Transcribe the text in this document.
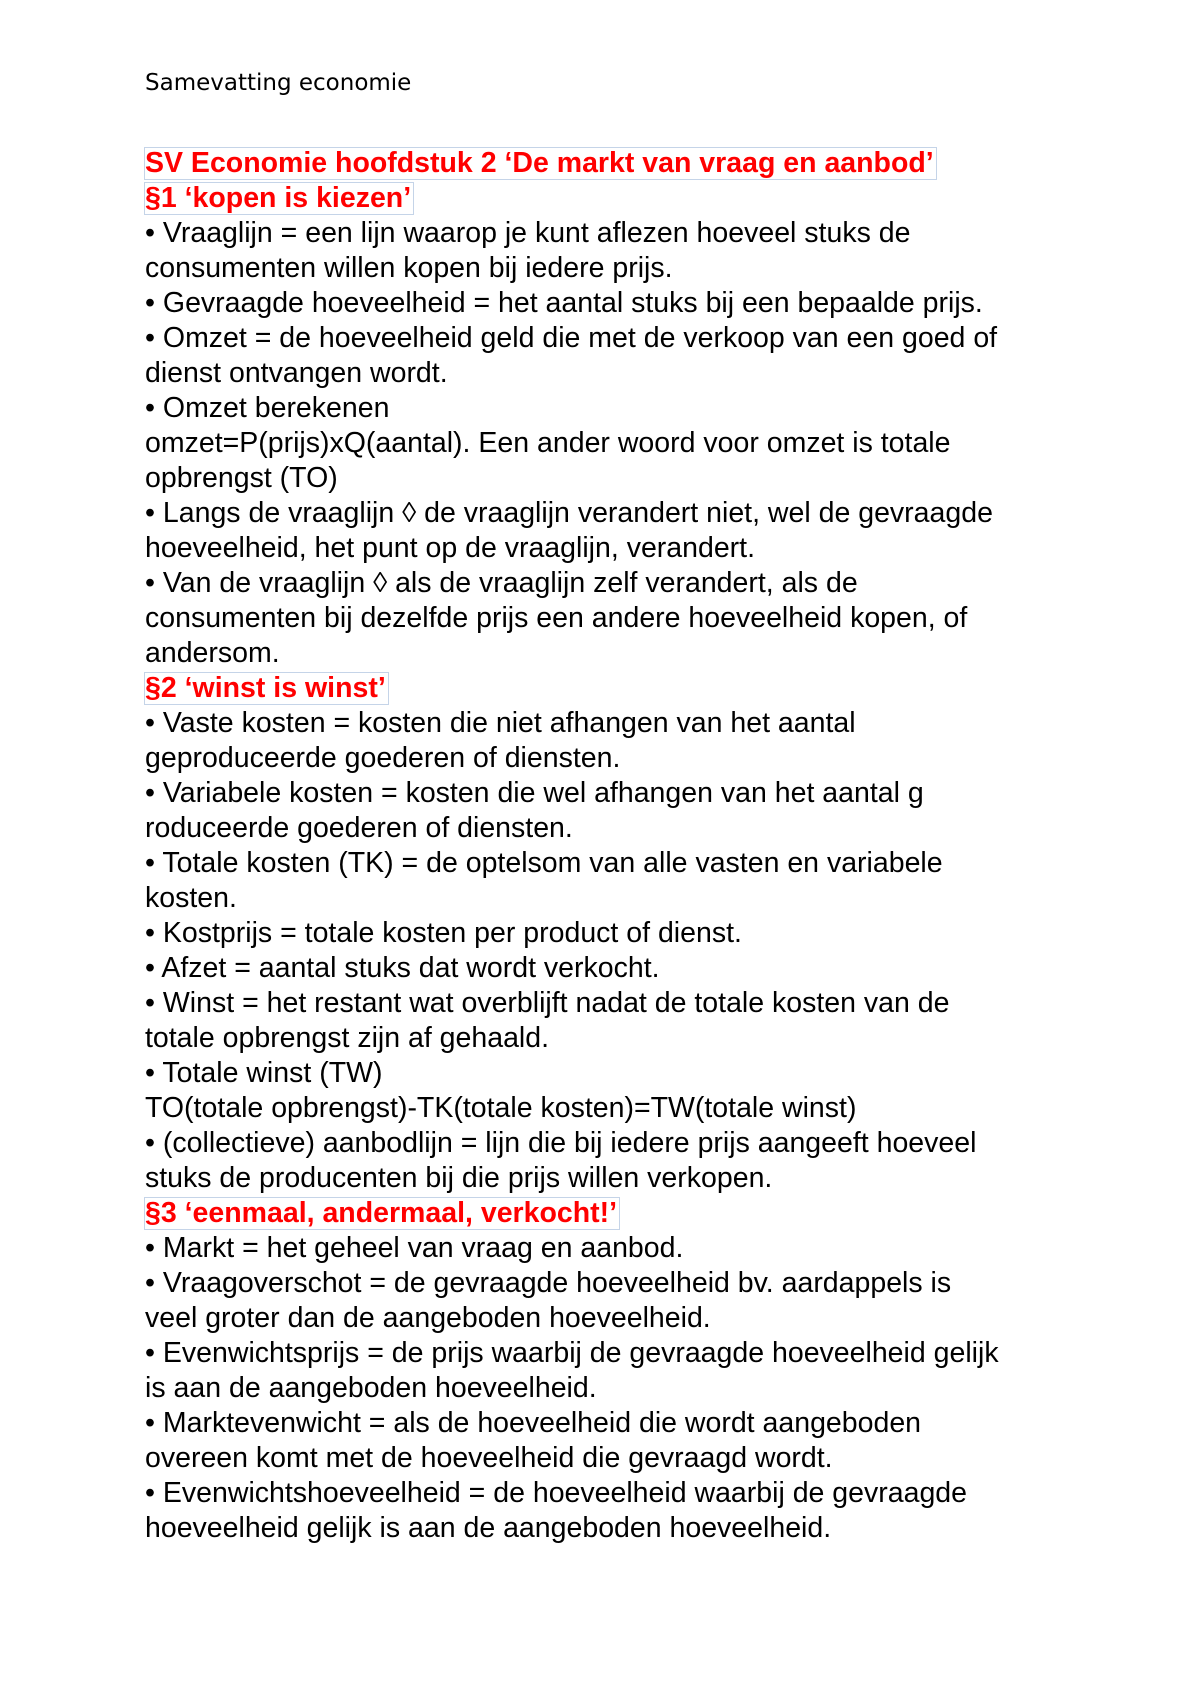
Samevatting economie
SV Economie hoofdstuk 2 ‘De markt van vraag en aanbod’
§1 ‘kopen is kiezen’
• Vraaglijn = een lijn waarop je kunt aflezen hoeveel stuks de
consumenten willen kopen bij iedere prijs.
• Gevraagde hoeveelheid = het aantal stuks bij een bepaalde prijs.
• Omzet = de hoeveelheid geld die met de verkoop van een goed of
dienst ontvangen wordt.
• Omzet berekenen
omzet=P(prijs)xQ(aantal). Een ander woord voor omzet is totale
opbrengst (TO)
• Langs de vraaglijn ◊ de vraaglijn verandert niet, wel de gevraagde
hoeveelheid, het punt op de vraaglijn, verandert.
• Van de vraaglijn ◊ als de vraaglijn zelf verandert, als de
consumenten bij dezelfde prijs een andere hoeveelheid kopen, of
andersom.
§2 ‘winst is winst’
• Vaste kosten = kosten die niet afhangen van het aantal
geproduceerde goederen of diensten.
• Variabele kosten = kosten die wel afhangen van het aantal g
roduceerde goederen of diensten.
• Totale kosten (TK) = de optelsom van alle vasten en variabele
kosten.
• Kostprijs = totale kosten per product of dienst.
• Afzet = aantal stuks dat wordt verkocht.
• Winst = het restant wat overblijft nadat de totale kosten van de
totale opbrengst zijn af gehaald.
• Totale winst (TW)
TO(totale opbrengst)-TK(totale kosten)=TW(totale winst)
• (collectieve) aanbodlijn = lijn die bij iedere prijs aangeeft hoeveel
stuks de producenten bij die prijs willen verkopen.
§3 ‘eenmaal, andermaal, verkocht!’
• Markt = het geheel van vraag en aanbod.
• Vraagoverschot = de gevraagde hoeveelheid bv. aardappels is
veel groter dan de aangeboden hoeveelheid.
• Evenwichtsprijs = de prijs waarbij de gevraagde hoeveelheid gelijk
is aan de aangeboden hoeveelheid.
• Marktevenwicht = als de hoeveelheid die wordt aangeboden
overeen komt met de hoeveelheid die gevraagd wordt.
• Evenwichtshoeveelheid = de hoeveelheid waarbij de gevraagde
hoeveelheid gelijk is aan de aangeboden hoeveelheid.
